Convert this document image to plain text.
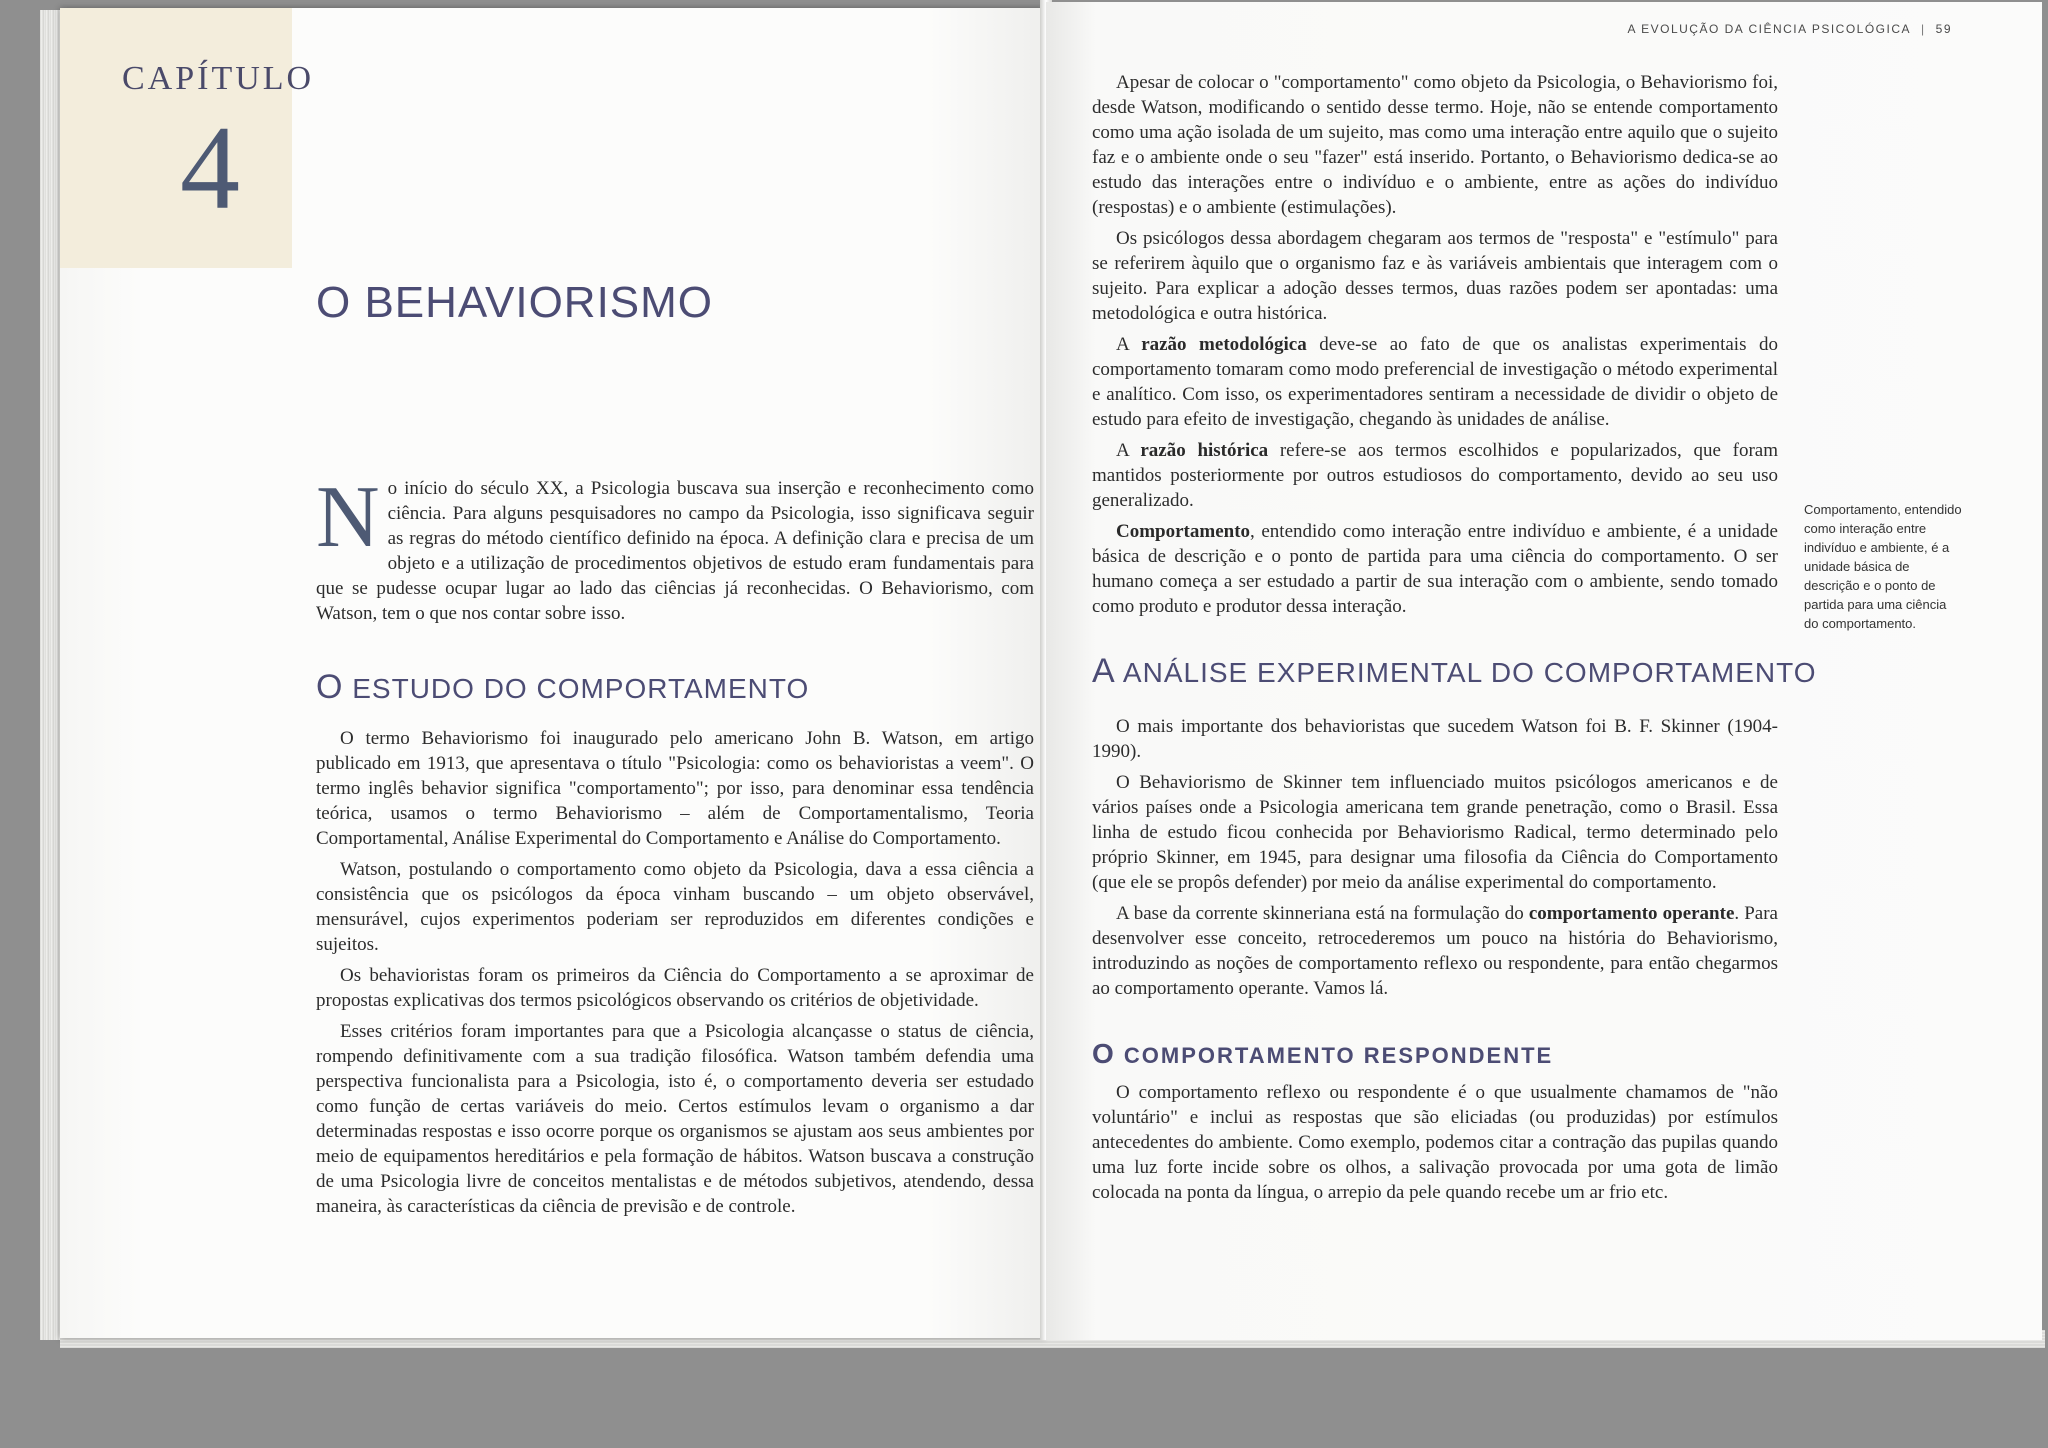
CAPÍTULO
4
O BEHAVIORISMO
N o início do século XX, a Psicologia buscava sua inserção e reconhecimento como ciência. Para alguns pesquisadores no campo da Psicologia, isso significava seguir as regras do método científico definido na época. A definição clara e precisa de um objeto e a utilização de procedimentos objetivos de estudo eram fundamentais para que se pudesse ocupar lugar ao lado das ciências já reconhecidas. O Behaviorismo, com Watson, tem o que nos contar sobre isso.

O ESTUDO DO COMPORTAMENTO

O termo Behaviorismo foi inaugurado pelo americano John B. Watson, em artigo publicado em 1913, que apresentava o título "Psicologia: como os behavioristas a veem". O termo inglês behavior significa "comportamento"; por isso, para denominar essa tendência teórica, usamos o termo Behaviorismo – além de Comportamentalismo, Teoria Comportamental, Análise Experimental do Comportamento e Análise do Comportamento.

Watson, postulando o comportamento como objeto da Psicologia, dava a essa ciência a consistência que os psicólogos da época vinham buscando – um objeto observável, mensurável, cujos experimentos poderiam ser reproduzidos em diferentes condições e sujeitos.

Os behavioristas foram os primeiros da Ciência do Comportamento a se aproximar de propostas explicativas dos termos psicológicos observando os critérios de objetividade.

Esses critérios foram importantes para que a Psicologia alcançasse o status de ciência, rompendo definitivamente com a sua tradição filosófica. Watson também defendia uma perspectiva funcionalista para a Psicologia, isto é, o comportamento deveria ser estudado como função de certas variáveis do meio. Certos estímulos levam o organismo a dar determinadas respostas e isso ocorre porque os organismos se ajustam aos seus ambientes por meio de equipamentos hereditários e pela formação de hábitos. Watson buscava a construção de uma Psicologia livre de conceitos mentalistas e de métodos subjetivos, atendendo, dessa maneira, às características da ciência de previsão e de controle.

A EVOLUÇÃO DA CIÊNCIA PSICOLÓGICA | 59

Apesar de colocar o "comportamento" como objeto da Psicologia, o Behaviorismo foi, desde Watson, modificando o sentido desse termo. Hoje, não se entende comportamento como uma ação isolada de um sujeito, mas como uma interação entre aquilo que o sujeito faz e o ambiente onde o seu "fazer" está inserido. Portanto, o Behaviorismo dedica-se ao estudo das interações entre o indivíduo e o ambiente, entre as ações do indivíduo (respostas) e o ambiente (estimulações).

Os psicólogos dessa abordagem chegaram aos termos de "resposta" e "estímulo" para se referirem àquilo que o organismo faz e às variáveis ambientais que interagem com o sujeito. Para explicar a adoção desses termos, duas razões podem ser apontadas: uma metodológica e outra histórica.

A razão metodológica deve-se ao fato de que os analistas experimentais do comportamento tomaram como modo preferencial de investigação o método experimental e analítico. Com isso, os experimentadores sentiram a necessidade de dividir o objeto de estudo para efeito de investigação, chegando às unidades de análise.

A razão histórica refere-se aos termos escolhidos e popularizados, que foram mantidos posteriormente por outros estudiosos do comportamento, devido ao seu uso generalizado.

Comportamento, entendido como interação entre indivíduo e ambiente, é a unidade básica de descrição e o ponto de partida para uma ciência do comportamento. O ser humano começa a ser estudado a partir de sua interação com o ambiente, sendo tomado como produto e produtor dessa interação.

Comportamento, entendido como interação entre indivíduo e ambiente, é a unidade básica de descrição e o ponto de partida para uma ciência do comportamento.
A ANÁLISE EXPERIMENTAL DO COMPORTAMENTO

O mais importante dos behavioristas que sucedem Watson foi B. F. Skinner (1904-1990).

O Behaviorismo de Skinner tem influenciado muitos psicólogos americanos e de vários países onde a Psicologia americana tem grande penetração, como o Brasil. Essa linha de estudo ficou conhecida por Behaviorismo Radical, termo determinado pelo próprio Skinner, em 1945, para designar uma filosofia da Ciência do Comportamento (que ele se propôs defender) por meio da análise experimental do comportamento.

A base da corrente skinneriana está na formulação do comportamento operante. Para desenvolver esse conceito, retrocederemos um pouco na história do Behaviorismo, introduzindo as noções de comportamento reflexo ou respondente, para então chegarmos ao comportamento operante. Vamos lá.

O COMPORTAMENTO RESPONDENTE

O comportamento reflexo ou respondente é o que usualmente chamamos de "não voluntário" e inclui as respostas que são eliciadas (ou produzidas) por estímulos antecedentes do ambiente. Como exemplo, podemos citar a contração das pupilas quando uma luz forte incide sobre os olhos, a salivação provocada por uma gota de limão colocada na ponta da língua, o arrepio da pele quando recebe um ar frio etc.
